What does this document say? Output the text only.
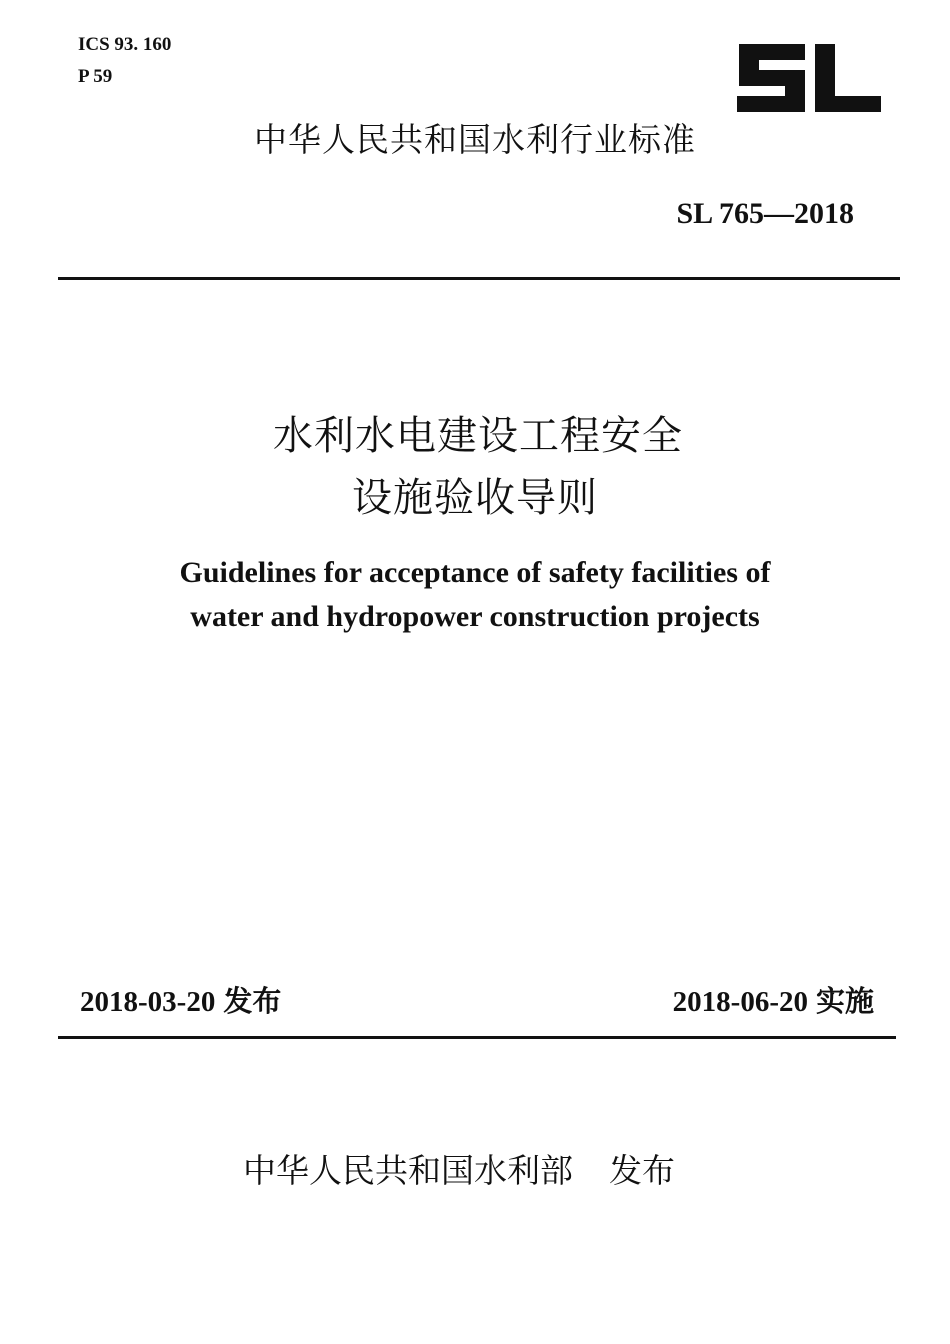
ICS 93. 160
P 59
中华人民共和国水利行业标准
SL 765—2018
水利水电建设工程安全
设施验收导则
Guidelines for acceptance of safety facilities of
water and hydropower construction projects
2018-03-20 发布	2018-06-20 实施
中华人民共和国水利部 发布
